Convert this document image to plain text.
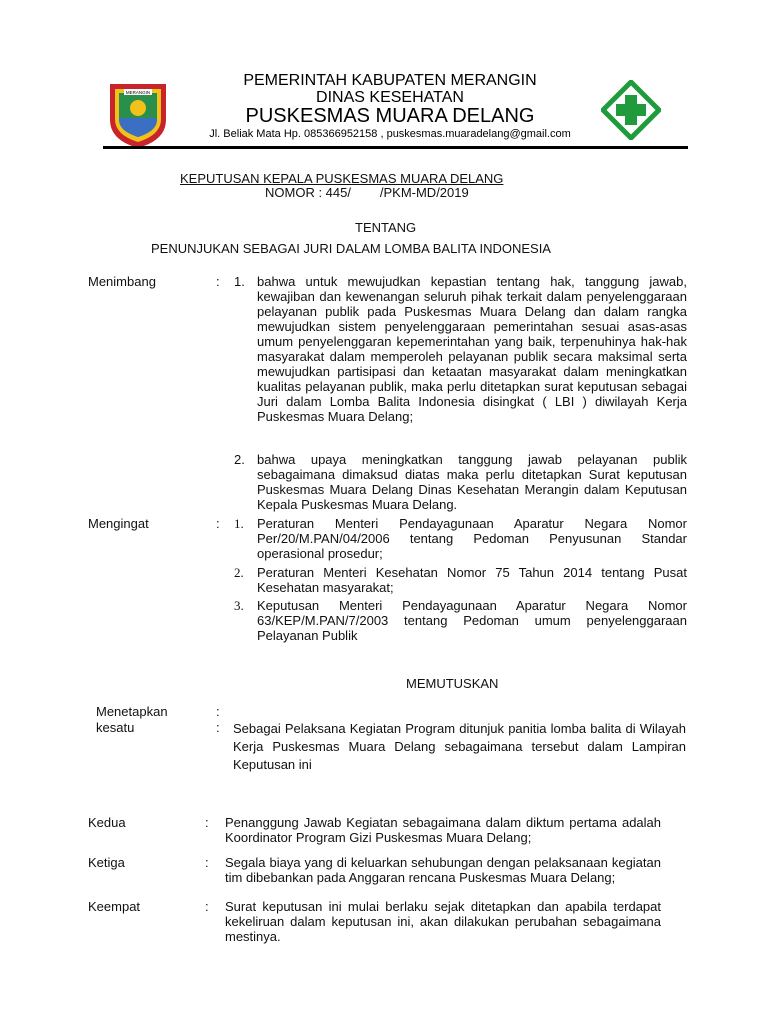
MERANGIN
PEMERINTAH KABUPATEN MERANGIN
DINAS KESEHATAN
PUSKESMAS MUARA DELANG
Jl. Beliak Mata Hp. 085366952158 , puskesmas.muaradelang@gmail.com
KEPUTUSAN KEPALA PUSKESMAS MUARA DELANG
NOMOR : 445/        /PKM-MD/2019
TENTANG
PENUNJUKAN SEBAGAI JURI DALAM LOMBA BALITA INDONESIA
Menimbang	: 1. bahwa untuk mewujudkan kepastian tentang hak, tanggung jawab, kewajiban dan kewenangan seluruh pihak terkait dalam penyelenggaraan pelayanan publik pada Puskesmas Muara Delang dan dalam rangka mewujudkan sistem penyelenggaraan pemerintahan sesuai asas-asas umum penyelenggaran kepemerintahan yang baik, terpenuhinya hak-hak masyarakat dalam memperoleh pelayanan publik secara maksimal serta mewujudkan partisipasi dan ketaatan masyarakat dalam meningkatkan kualitas pelayanan publik, maka perlu ditetapkan surat keputusan sebagai Juri dalam Lomba Balita Indonesia disingkat ( LBI ) diwilayah Kerja Puskesmas Muara Delang;
2. bahwa upaya meningkatkan tanggung jawab pelayanan publik sebagaimana dimaksud diatas maka perlu ditetapkan Surat keputusan Puskesmas Muara Delang Dinas Kesehatan Merangin dalam Keputusan Kepala Puskesmas Muara Delang.
Mengingat	: 1. Peraturan Menteri Pendayagunaan Aparatur Negara Nomor Per/20/M.PAN/04/2006 tentang Pedoman Penyusunan Standar operasional prosedur;
2. Peraturan Menteri Kesehatan Nomor 75 Tahun 2014 tentang Pusat Kesehatan masyarakat;
3. Keputusan Menteri Pendayagunaan Aparatur Negara Nomor 63/KEP/M.PAN/7/2003 tentang Pedoman umum penyelenggaraan Pelayanan Publik
MEMUTUSKAN
Menetapkan	:
kesatu	: Sebagai Pelaksana Kegiatan Program ditunjuk panitia lomba balita di Wilayah Kerja Puskesmas Muara Delang sebagaimana tersebut dalam Lampiran Keputusan ini
Kedua	: Penanggung Jawab Kegiatan sebagaimana dalam diktum pertama adalah Koordinator Program Gizi Puskesmas Muara Delang;
Ketiga	: Segala biaya yang di keluarkan sehubungan dengan pelaksanaan kegiatan tim dibebankan pada Anggaran rencana Puskesmas Muara Delang;
Keempat	: Surat keputusan ini mulai berlaku sejak ditetapkan dan apabila terdapat kekeliruan dalam keputusan ini, akan dilakukan perubahan sebagaimana mestinya.
